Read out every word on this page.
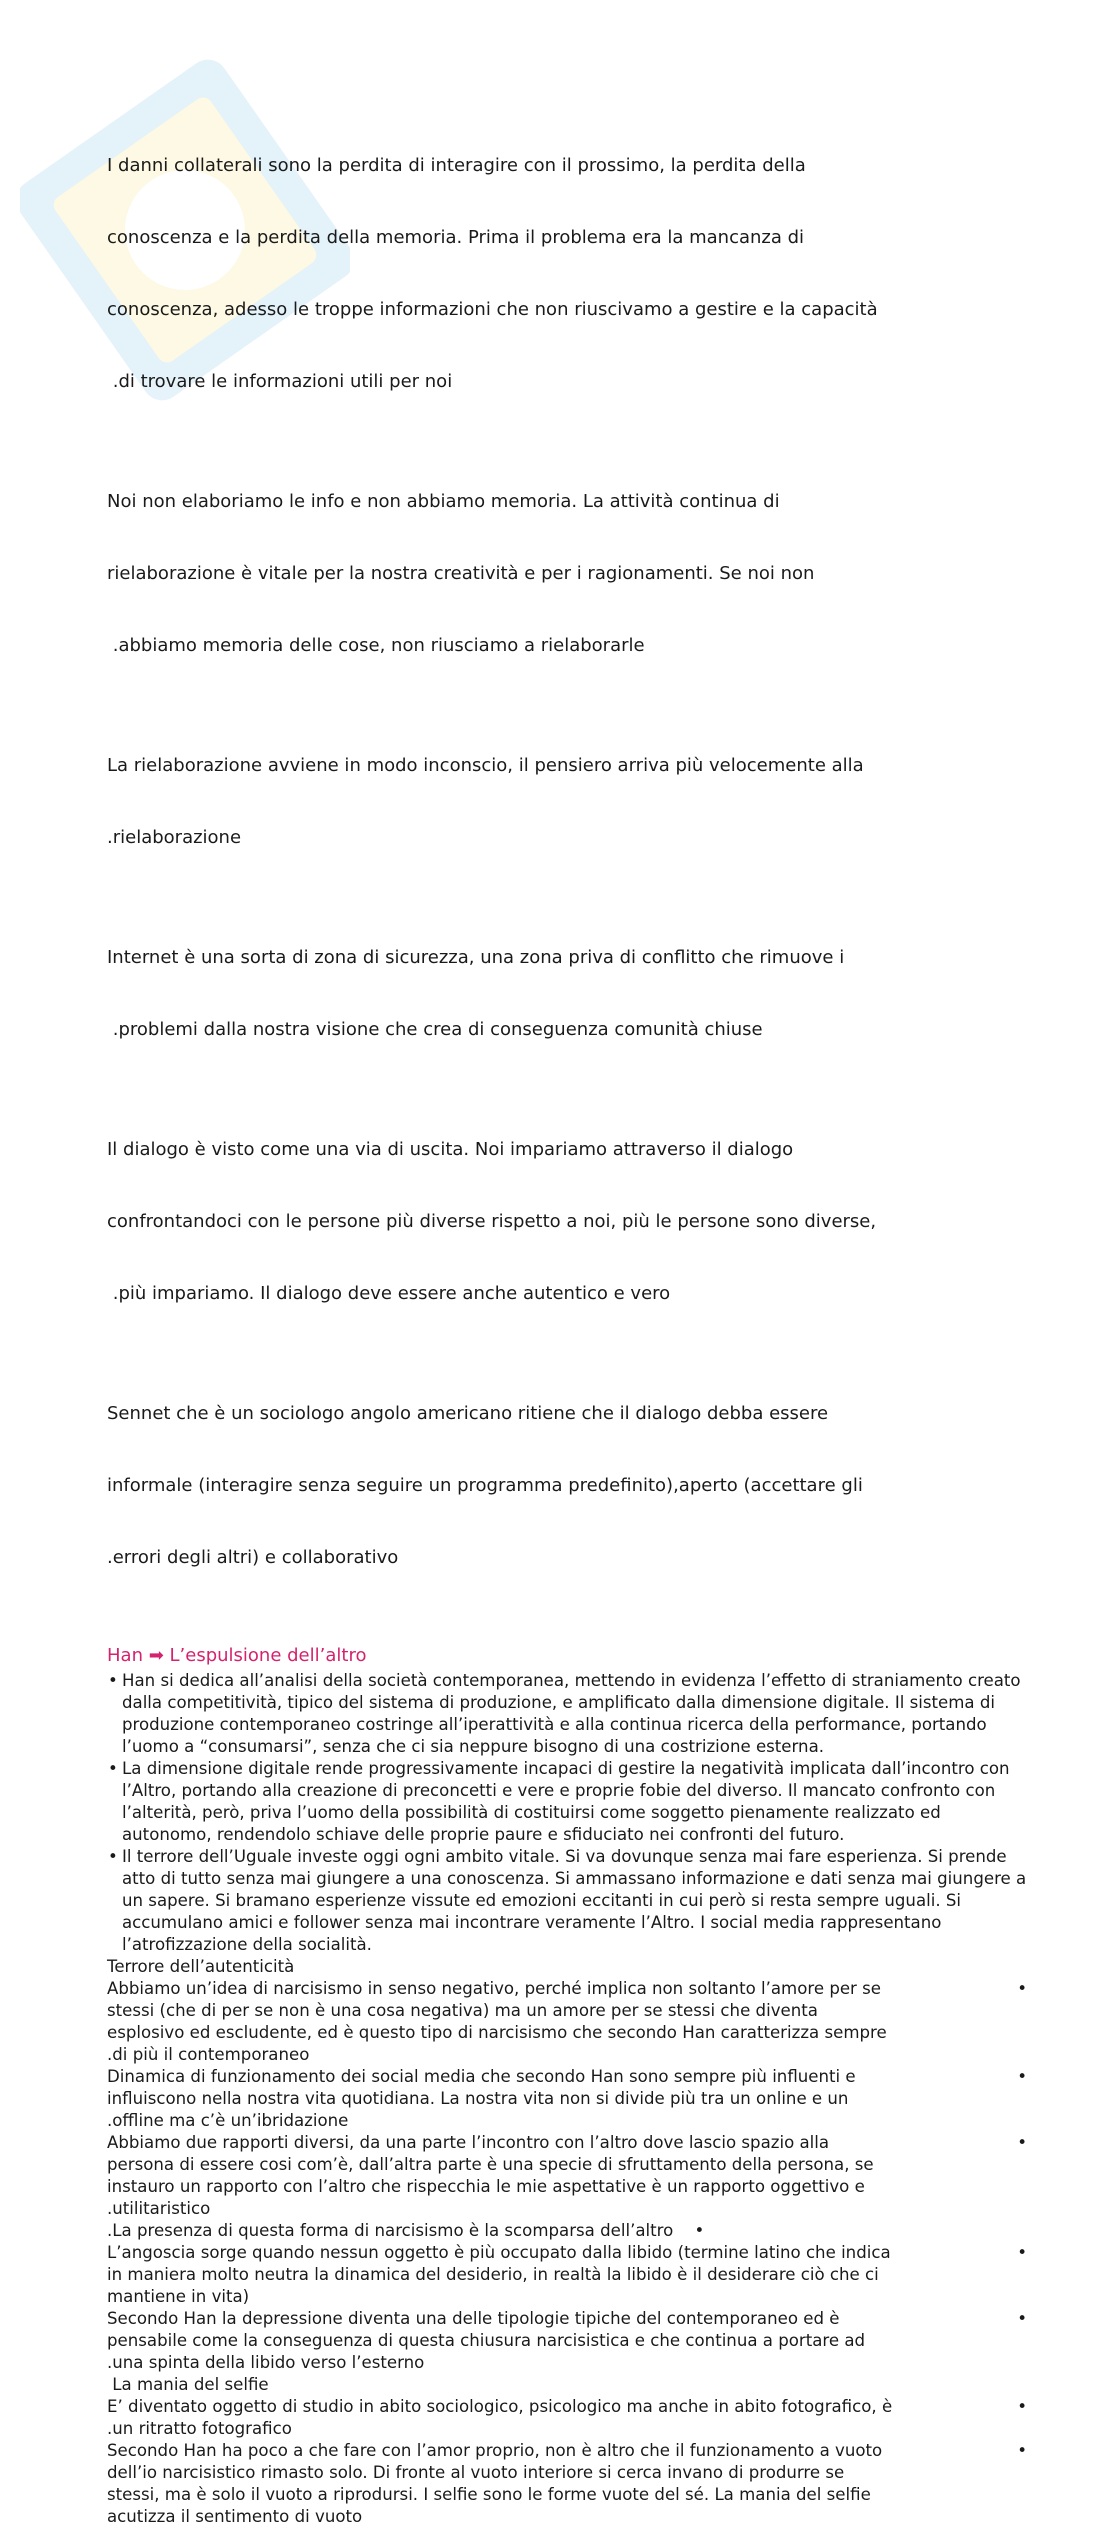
I danni collaterali sono la perdita di interagire con il prossimo, la perdita della

conoscenza e la perdita della memoria. Prima il problema era la mancanza di

conoscenza, adesso le troppe informazioni che non riuscivamo a gestire e la capacità

.di trovare le informazioni utili per noi

Noi non elaboriamo le info e non abbiamo memoria. La attività continua di

rielaborazione è vitale per la nostra creatività e per i ragionamenti. Se noi non

.abbiamo memoria delle cose, non riusciamo a rielaborarle

La rielaborazione avviene in modo inconscio, il pensiero arriva più velocemente alla

.rielaborazione

Internet è una sorta di zona di sicurezza, una zona priva di conflitto che rimuove i

.problemi dalla nostra visione che crea di conseguenza comunità chiuse

Il dialogo è visto come una via di uscita. Noi impariamo attraverso il dialogo

confrontandoci con le persone più diverse rispetto a noi, più le persone sono diverse,

.più impariamo. Il dialogo deve essere anche autentico e vero

Sennet che è un sociologo angolo americano ritiene che il dialogo debba essere

informale (interagire senza seguire un programma predefinito),aperto (accettare gli

.errori degli altri) e collaborativo

Han ➡ L’espulsione dell’altro
• Han si dedica all’analisi della società contemporanea, mettendo in evidenza l’effetto di straniamento creato dalla competitività, tipico del sistema di produzione, e amplificato dalla dimensione digitale. Il sistema di produzione contemporaneo costringe all’iperattività e alla continua ricerca della performance, portando l’uomo a “consumarsi”, senza che ci sia neppure bisogno di una costrizione esterna.
• La dimensione digitale rende progressivamente incapaci di gestire la negatività implicata dall’incontro con l’Altro, portando alla creazione di preconcetti e vere e proprie fobie del diverso. Il mancato confronto con l’alterità, però, priva l’uomo della possibilità di costituirsi come soggetto pienamente realizzato ed autonomo, rendendolo schiave delle proprie paure e sfiduciato nei confronti del futuro.
• Il terrore dell’Uguale investe oggi ogni ambito vitale. Si va dovunque senza mai fare esperienza. Si prende atto di tutto senza mai giungere a una conoscenza. Si ammassano informazione e dati senza mai giungere a un sapere. Si bramano esperienze vissute ed emozioni eccitanti in cui però si resta sempre uguali. Si accumulano amici e follower senza mai incontrare veramente l’Altro. I social media rappresentano l’atrofizzazione della socialità.
Terrore dell’autenticità

Abbiamo un’idea di narcisismo in senso negativo, perché implica non soltanto l’amore per se
stessi (che di per se non è una cosa negativa) ma un amore per se stessi che diventa
esplosivo ed escludente, ed è questo tipo di narcisismo che secondo Han caratterizza sempre
.di più il contemporaneo
•

Dinamica di funzionamento dei social media che secondo Han sono sempre più influenti e
influiscono nella nostra vita quotidiana. La nostra vita non si divide più tra un online e un
.offline ma c’è un’ibridazione
•

Abbiamo due rapporti diversi, da una parte l’incontro con l’altro dove lascio spazio alla
persona di essere cosi com’è, dall’altra parte è una specie di sfruttamento della persona, se
instauro un rapporto con l’altro che rispecchia le mie aspettative è un rapporto oggettivo e
.utilitaristico
•

.La presenza di questa forma di narcisismo è la scomparsa dell’altro •

L’angoscia sorge quando nessun oggetto è più occupato dalla libido (termine latino che indica
in maniera molto neutra la dinamica del desiderio, in realtà la libido è il desiderare ciò che ci
mantiene in vita)
•

Secondo Han la depressione diventa una delle tipologie tipiche del contemporaneo ed è
pensabile come la conseguenza di questa chiusura narcisistica e che continua a portare ad
.una spinta della libido verso l’esterno
•

La mania del selfie

E’ diventato oggetto di studio in abito sociologico, psicologico ma anche in abito fotografico, è
.un ritratto fotografico
•

Secondo Han ha poco a che fare con l’amor proprio, non è altro che il funzionamento a vuoto
dell’io narcisistico rimasto solo. Di fronte al vuoto interiore si cerca invano di produrre se
stessi, ma è solo il vuoto a riprodursi. I selfie sono le forme vuote del sé. La mania del selfie
acutizza il sentimento di vuoto
•
